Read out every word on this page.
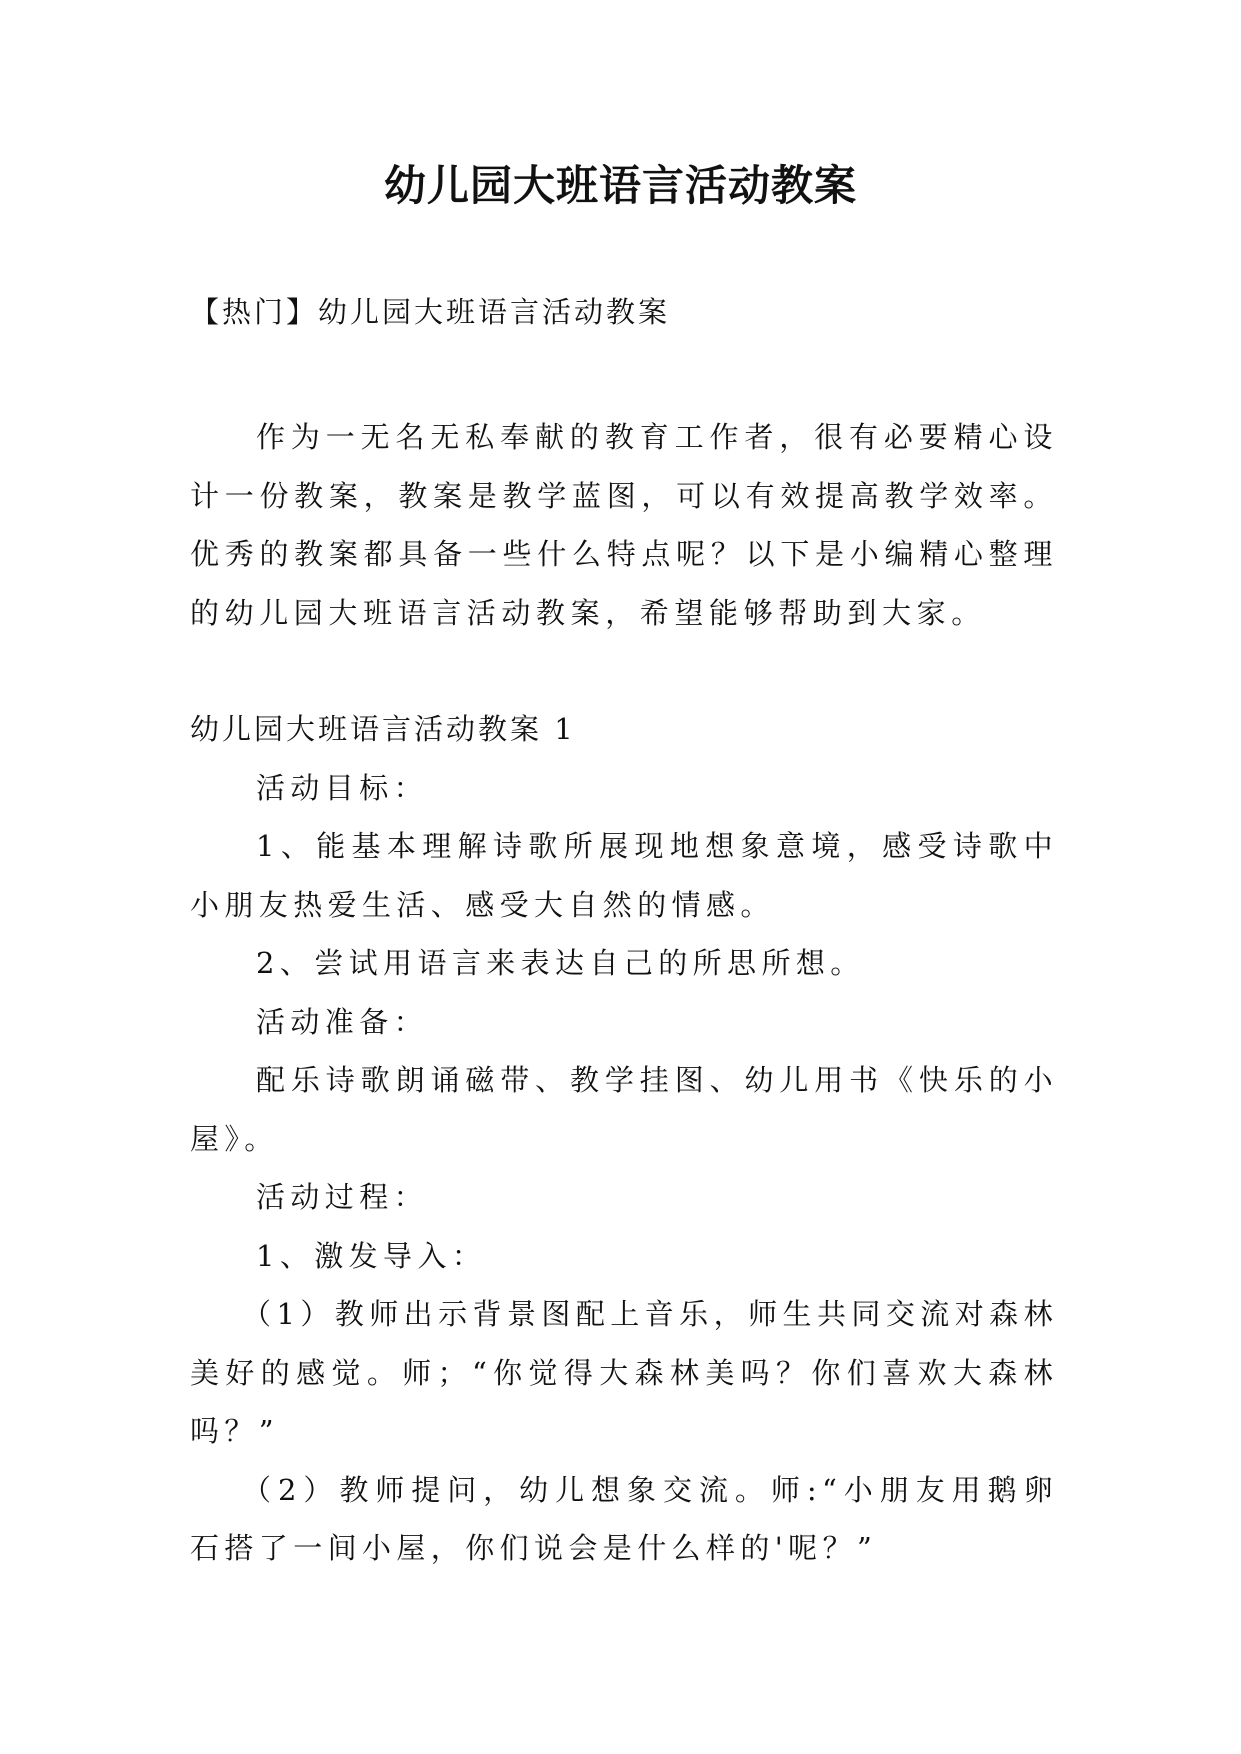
幼儿园大班语言活动教案

【热门】幼儿园大班语言活动教案

作为一无名无私奉献的教育工作者，很有必要精心设计一份教案，教案是教学蓝图，可以有效提高教学效率。优秀的教案都具备一些什么特点呢？以下是小编精心整理的幼儿园大班语言活动教案，希望能够帮助到大家。

幼儿园大班语言活动教案 1

活动目标：

1、能基本理解诗歌所展现地想象意境，感受诗歌中小朋友热爱生活、感受大自然的情感。

2、尝试用语言来表达自己的所思所想。

活动准备：

配乐诗歌朗诵磁带、教学挂图、幼儿用书《快乐的小屋》。

活动过程：

1、激发导入：

（1）教师出示背景图配上音乐，师生共同交流对森林美好的感觉。师；“你觉得大森林美吗？你们喜欢大森林吗？”

（2）教师提问，幼儿想象交流。师:“小朋友用鹅卵石搭了一间小屋，你们说会是什么样的'呢？”
